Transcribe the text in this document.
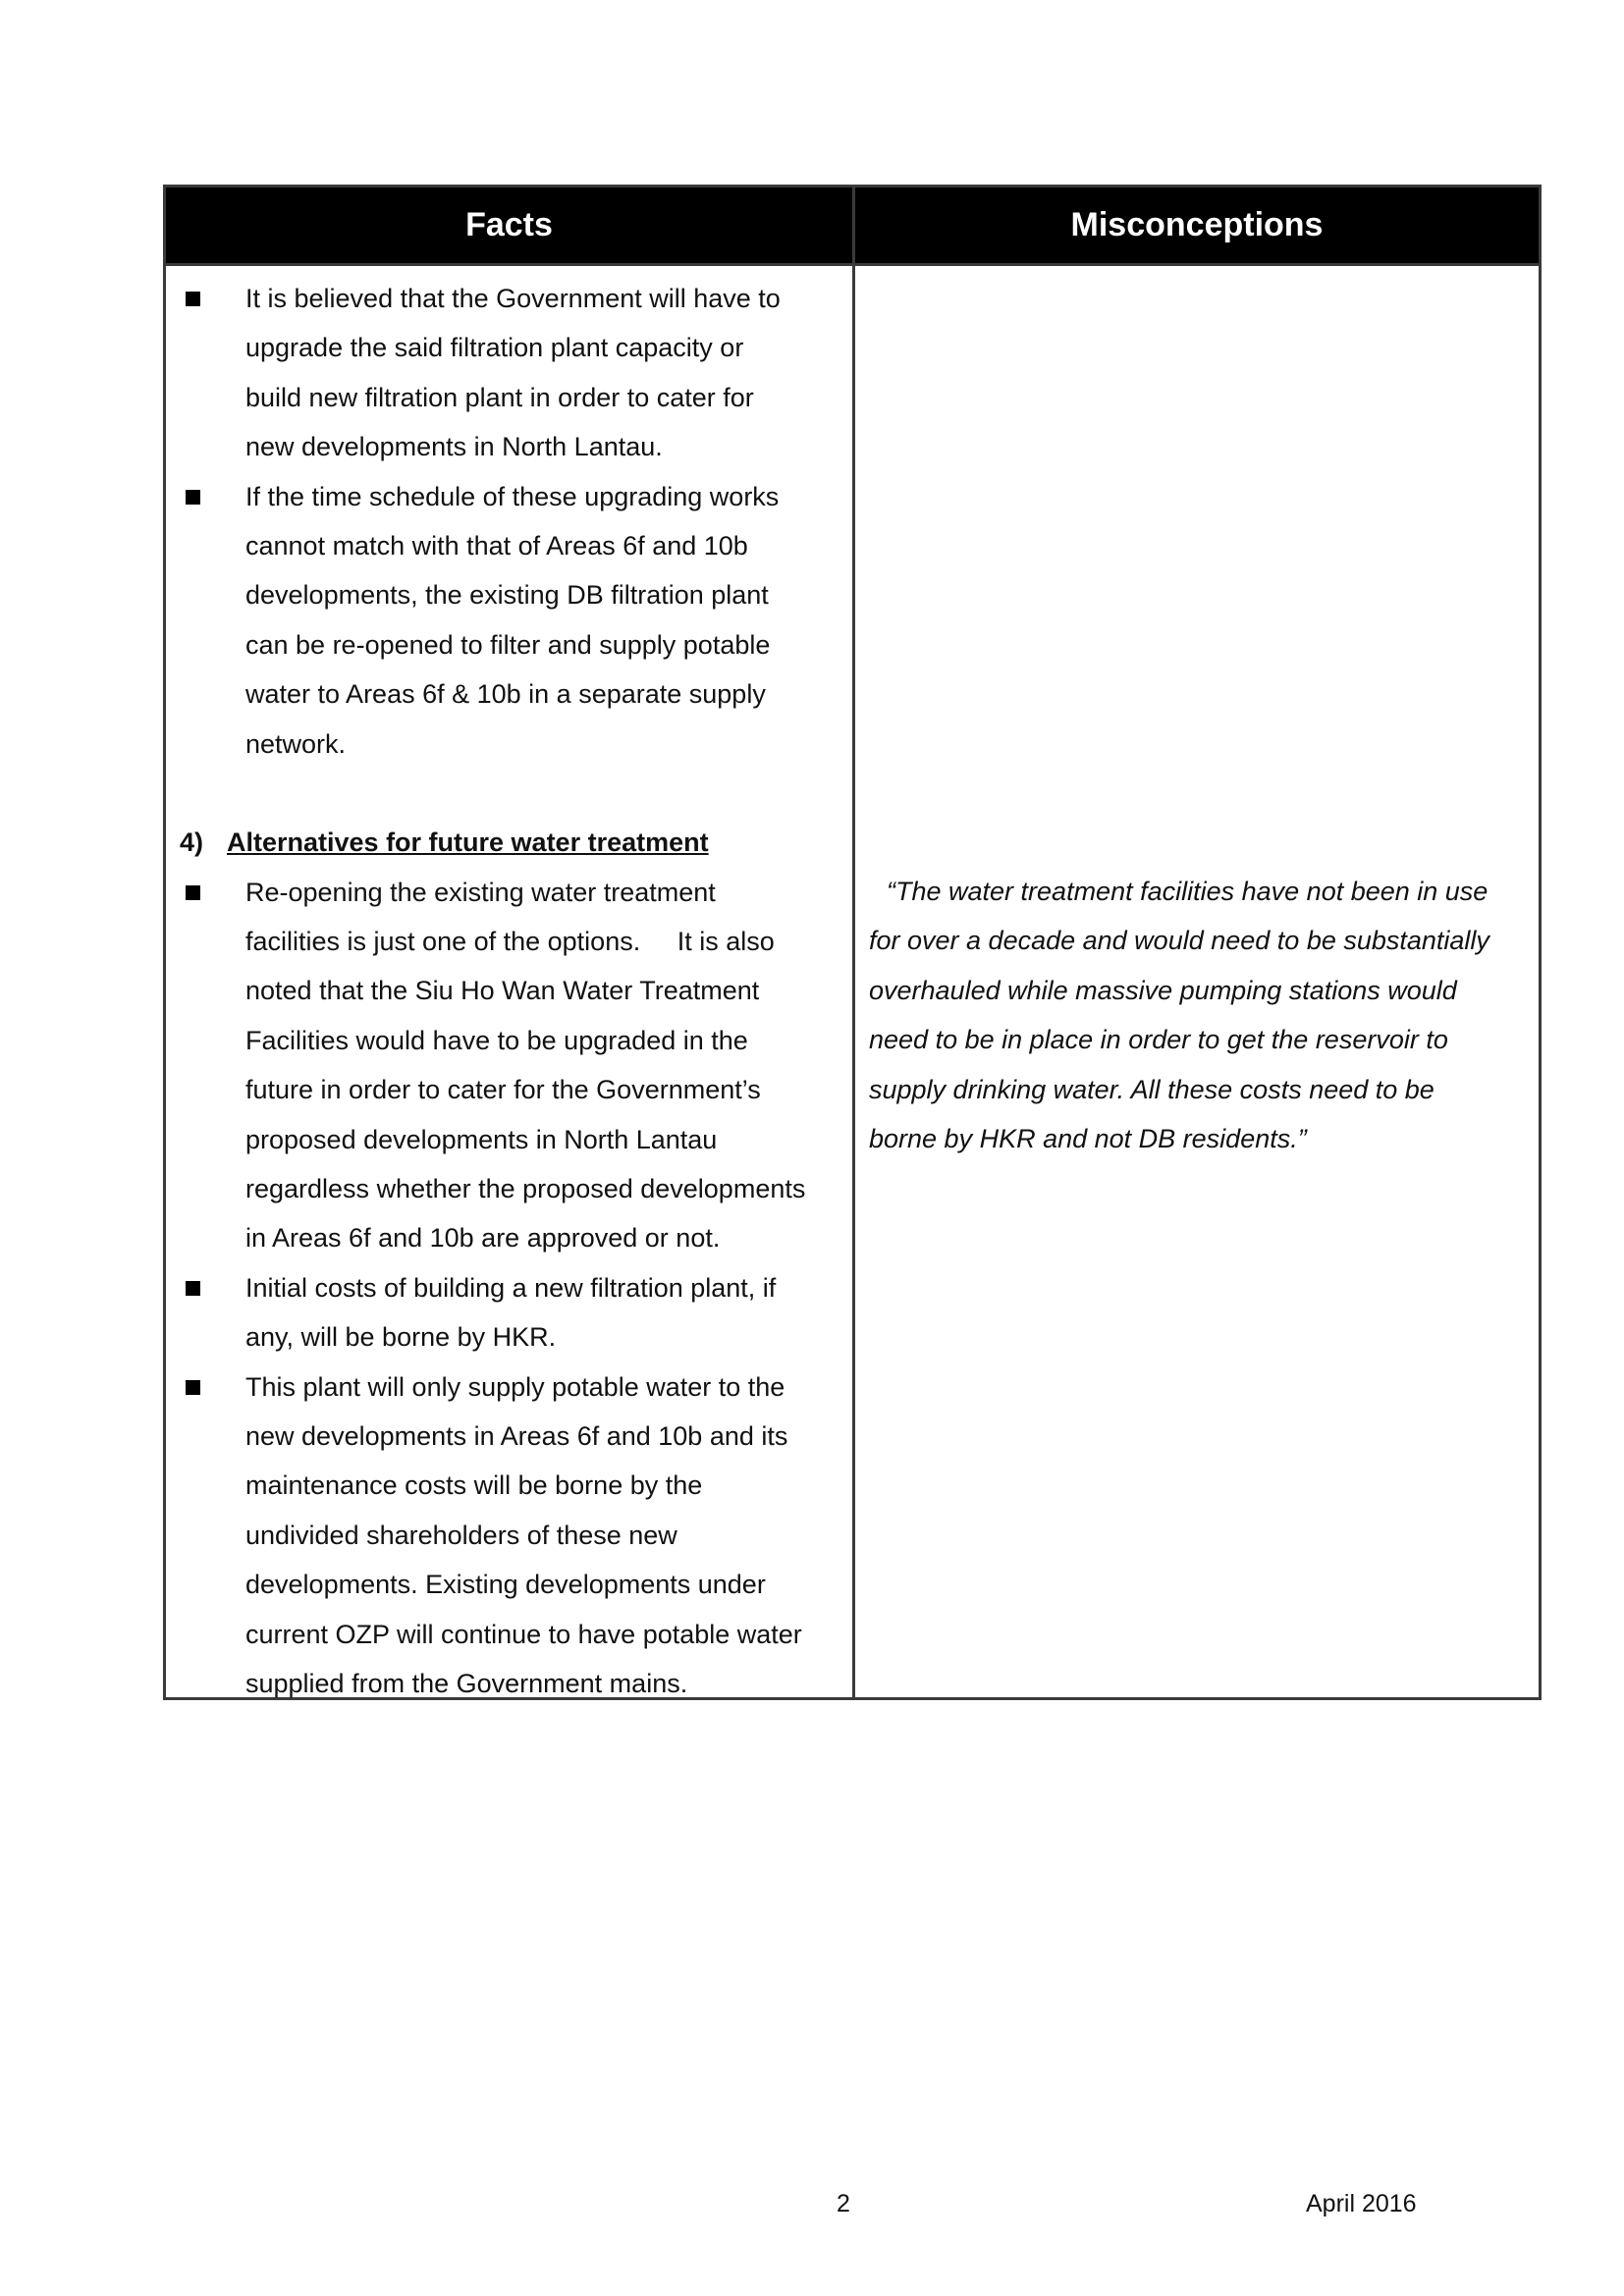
Facts	Misconceptions
It is believed that the Government will have to
upgrade the said filtration plant capacity or
build new filtration plant in order to cater for
new developments in North Lantau.
If the time schedule of these upgrading works
cannot match with that of Areas 6f and 10b
developments, the existing DB filtration plant
can be re-opened to filter and supply potable
water to Areas 6f & 10b in a separate supply
network.
4) Alternatives for future water treatment
Re-opening the existing water treatment
facilities is just one of the options.     It is also
noted that the Siu Ho Wan Water Treatment
Facilities would have to be upgraded in the
future in order to cater for the Government’s
proposed developments in North Lantau
regardless whether the proposed developments
in Areas 6f and 10b are approved or not.
Initial costs of building a new filtration plant, if
any, will be borne by HKR.
This plant will only supply potable water to the
new developments in Areas 6f and 10b and its
maintenance costs will be borne by the
undivided shareholders of these new
developments. Existing developments under
current OZP will continue to have potable water
supplied from the Government mains.
“The water treatment facilities have not been in use
for over a decade and would need to be substantially
overhauled while massive pumping stations would
need to be in place in order to get the reservoir to
supply drinking water. All these costs need to be
borne by HKR and not DB residents.”
2	April 2016
